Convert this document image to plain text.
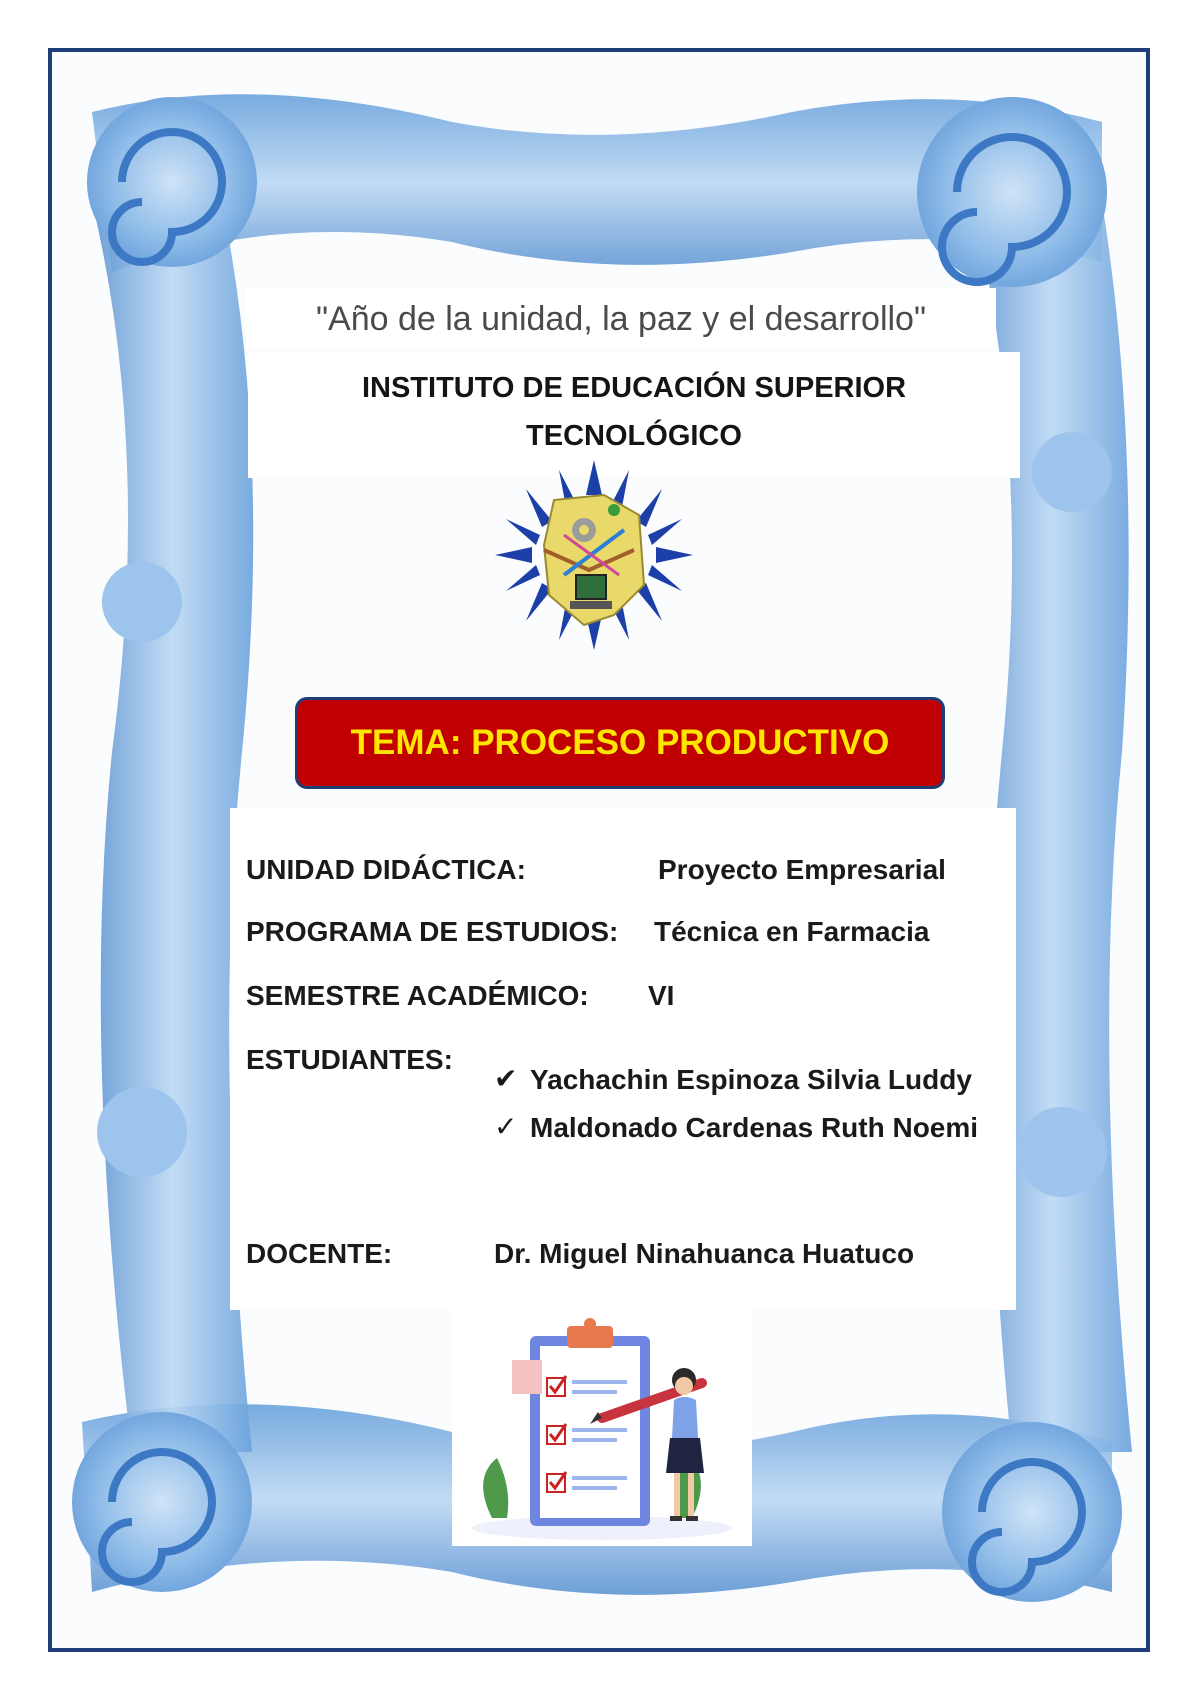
"Año de la unidad, la paz y el desarrollo"
INSTITUTO DE EDUCACIÓN SUPERIOR
TECNOLÓGICO
TEMA: PROCESO PRODUCTIVO
UNIDAD DIDÁCTICA:	Proyecto Empresarial
PROGRAMA DE ESTUDIOS: Técnica en Farmacia
SEMESTRE ACADÉMICO: VI
ESTUDIANTES:
✔ Yachachin Espinoza Silvia Luddy
✓ Maldonado Cardenas Ruth Noemi
DOCENTE:	Dr. Miguel Ninahuanca Huatuco
